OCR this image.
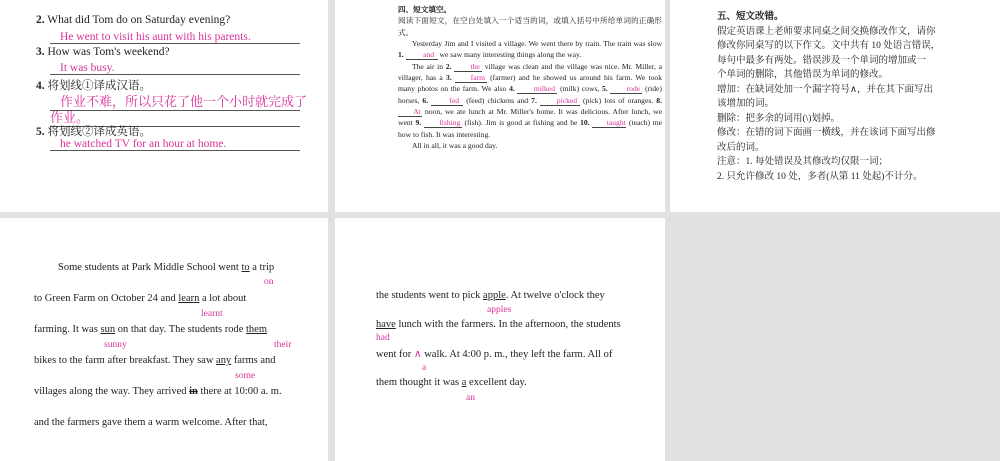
2. What did Tom do on Saturday evening?
He went to visit his aunt with his parents.
3. How was Tom's weekend?
It was busy.
4. 将划线①译成汉语。
作业不难，所以只花了他一个小时就完成了
作业。
5. 将划线②译成英语。
he watched TV for an hour at home.
四、短文填空。
阅读下面短文，在空白处填入一个适当的词，或填入括号中所给单词的正确形式。
Yesterday Jim and I visited a village. We went there by train. The train was slow 1.	and we saw many interesting things along the way.
The air in 2.	the village was clean and the village was nice. Mr. Miller, a villager, has a 3.	farm (farmer) and he showed us around his farm. We took many photos on the farm. We also 4.	milked (milk) cows, 5. rode (ride) horses, 6.	fed (feed) chickens and 7.	picked (pick) lots of oranges. 8. At noon, we ate lunch at Mr. Miller's home. It was delicious. After lunch, we went 9. fishing (fish). Jim is good at fishing and he 10. taught (teach) me how to fish. It was interesting.
All in all, it was a good day.
五、短文改错。
假定英语课上老师要求同桌之间交换修改作文，请你
修改你同桌写的以下作文。文中共有 10 处语言错误，
每句中最多有两处。错误涉及一个单词的增加或一
个单词的删除，其他错误为单词的修改。
增加：在缺词处加一个漏字符号∧，并在其下面写出
该增加的词。
删除：把多余的词用(\)划掉。
修改：在错的词下面画一横线，并在该词下面写出修
改后的词。
注意：1. 每处错误及其修改均仅限一词；
2. 只允许修改 10 处，多者(从第 11 处起)不计分。
Some students at Park Middle School went to a trip
on
to Green Farm on October 24 and learn a lot about
learnt
farming. It was sun on that day. The students rode them
sunny	their
bikes to the farm after breakfast. They saw any farms and
some
villages along the way. They arrived in there at 10:00 a. m.
and the farmers gave them a warm welcome. After that,
the students went to pick apple. At twelve o'clock they
apples
have lunch with the farmers. In the afternoon, the students
had
went for ∧ walk. At 4:00 p. m., they left the farm. All of
a
them thought it was a excellent day.
an
